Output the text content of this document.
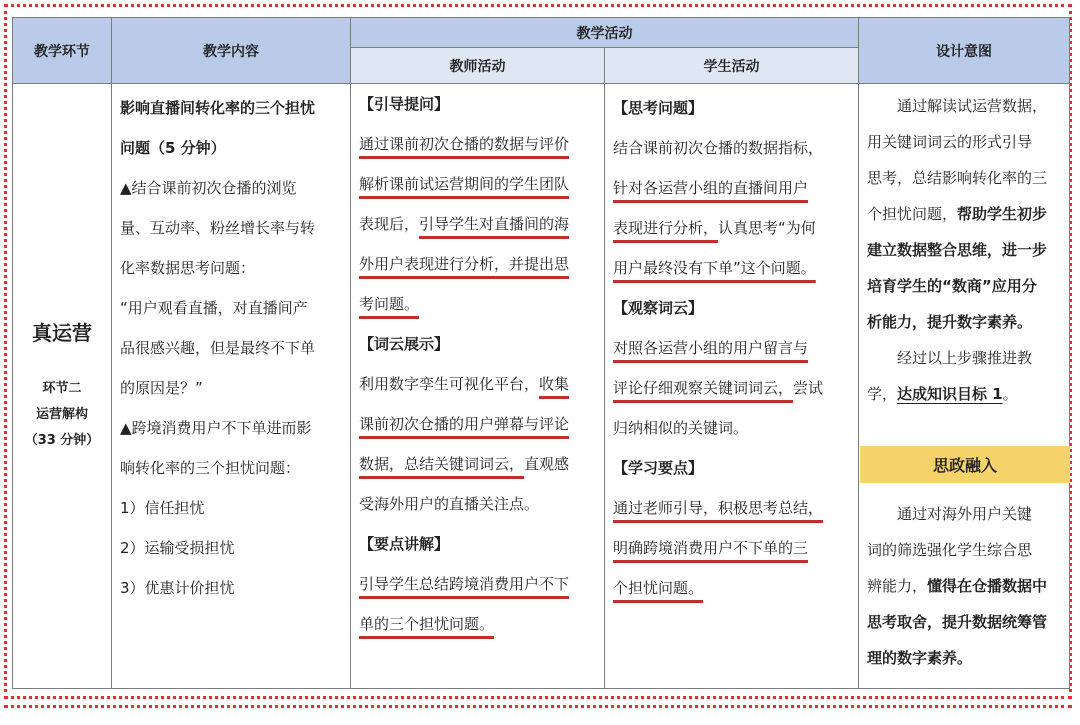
教学环节	教学内容
教学活动
教师活动	学生活动
设计意图
真运营
环节二
运营解构
（33 分钟）

影响直播间转化率的三个担忧

问题（5 分钟）

▲结合课前初次仓播的浏览

量、互动率、粉丝增长率与转

化率数据思考问题：

“用户观看直播，对直播间产

品很感兴趣，但是最终不下单

的原因是？”

▲跨境消费用户不下单进而影

响转化率的三个担忧问题：

1）信任担忧

2）运输受损担忧

3）优惠计价担忧

【引导提问】

通过课前初次仓播的数据与评价

解析课前试运营期间的学生团队

表现后，引导学生对直播间的海

外用户表现进行分析，并提出思

考问题。

【词云展示】

利用数字孪生可视化平台，收集

课前初次仓播的用户弹幕与评论

数据，总结关键词词云，直观感

受海外用户的直播关注点。

【要点讲解】

引导学生总结跨境消费用户不下

单的三个担忧问题。

【思考问题】

结合课前初次仓播的数据指标，

针对各运营小组的直播间用户

表现进行分析，认真思考“为何

用户最终没有下单”这个问题。

【观察词云】

对照各运营小组的用户留言与

评论仔细观察关键词词云，尝试

归纳相似的关键词。

【学习要点】

通过老师引导，积极思考总结，

明确跨境消费用户不下单的三

个担忧问题。

通过解读试运营数据，

用关键词词云的形式引导

思考，总结影响转化率的三

个担忧问题，帮助学生初步

建立数据整合思维，进一步

培育学生的“数商”应用分

析能力，提升数字素养。

经过以上步骤推进教

学，达成知识目标 1。

通过对海外用户关键

词的筛选强化学生综合思

辨能力，懂得在仓播数据中

思考取舍，提升数据统筹管

理的数字素养。

思政融入
